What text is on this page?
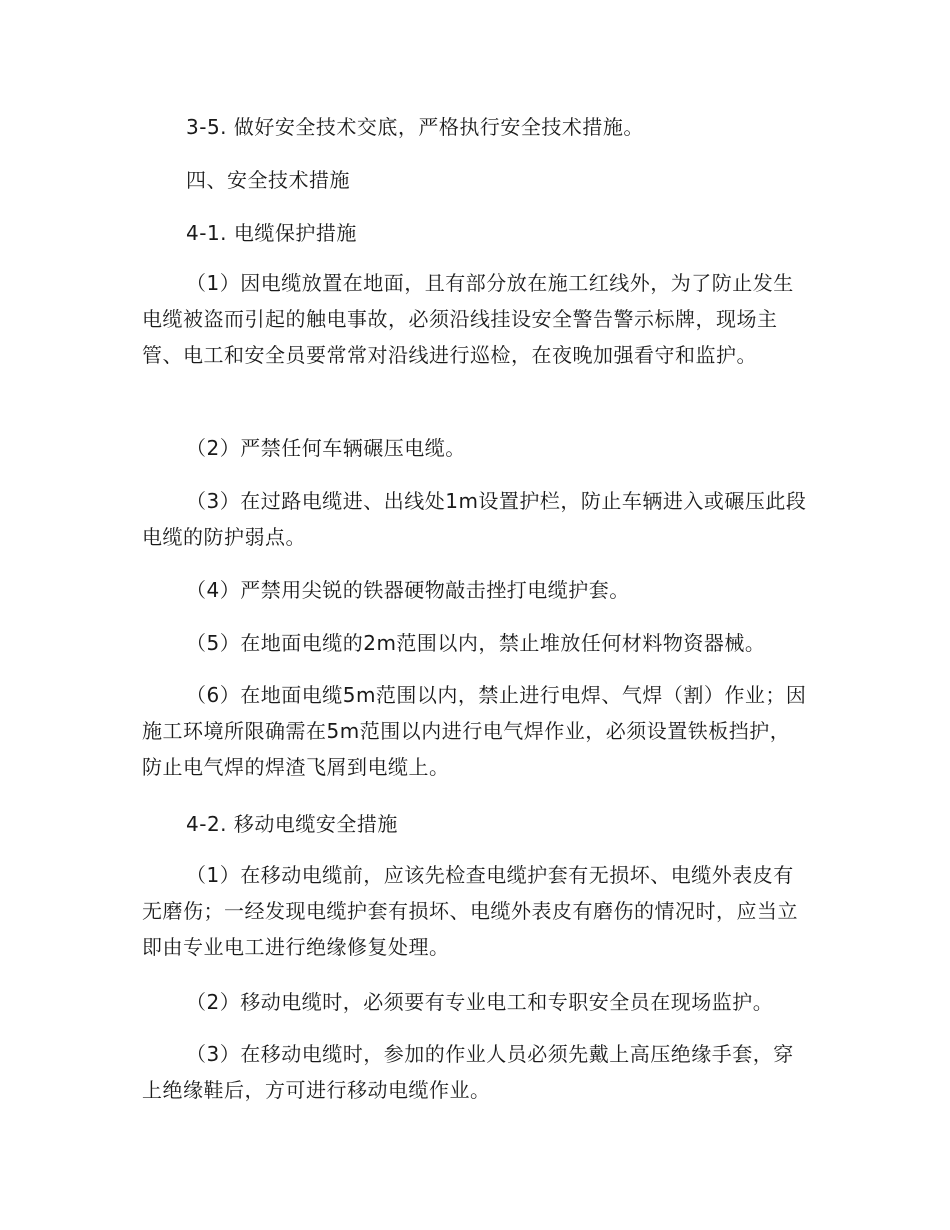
3-5. 做好安全技术交底，严格执行安全技术措施。

四、安全技术措施

4-1. 电缆保护措施

（1）因电缆放置在地面，且有部分放在施工红线外，为了防止发生电缆被盗而引起的触电事故，必须沿线挂设安全警告警示标牌，现场主管、电工和安全员要常常对沿线进行巡检，在夜晚加强看守和监护。

（2）严禁任何车辆碾压电缆。

（3）在过路电缆进、出线处1m设置护栏，防止车辆进入或碾压此段电缆的防护弱点。

（4）严禁用尖锐的铁器硬物敲击挫打电缆护套。

（5）在地面电缆的2m范围以内，禁止堆放任何材料物资器械。

（6）在地面电缆5m范围以内，禁止进行电焊、气焊（割）作业；因施工环境所限确需在5m范围以内进行电气焊作业，必须设置铁板挡护，防止电气焊的焊渣飞屑到电缆上。

4-2. 移动电缆安全措施

（1）在移动电缆前，应该先检查电缆护套有无损坏、电缆外表皮有无磨伤；一经发现电缆护套有损坏、电缆外表皮有磨伤的情况时，应当立即由专业电工进行绝缘修复处理。

（2）移动电缆时，必须要有专业电工和专职安全员在现场监护。

（3）在移动电缆时，参加的作业人员必须先戴上高压绝缘手套，穿上绝缘鞋后，方可进行移动电缆作业。
